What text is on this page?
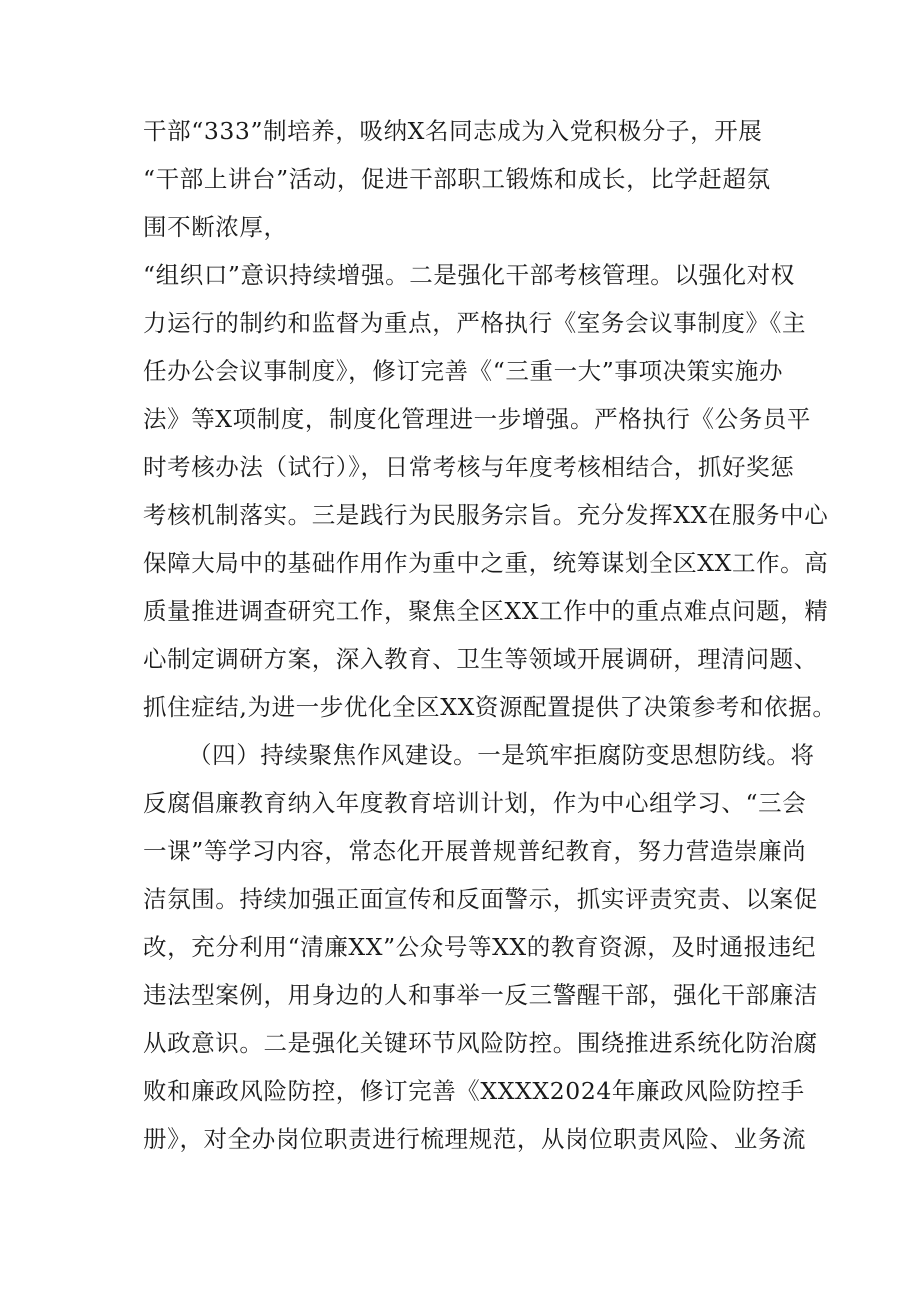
干部“333”制培养，吸纳X名同志成为入党积极分子，开展
“干部上讲台”活动，促进干部职工锻炼和成长，比学赶超氛
围不断浓厚，
“组织口”意识持续增强。二是强化干部考核管理。以强化对权
力运行的制约和监督为重点，严格执行《室务会议事制度》《主
任办公会议事制度》，修订完善《“三重一大”事项决策实施办
法》等X项制度，制度化管理进一步增强。严格执行《公务员平
时考核办法（试行）》，日常考核与年度考核相结合，抓好奖惩
考核机制落实。三是践行为民服务宗旨。充分发挥XX在服务中心
保障大局中的基础作用作为重中之重，统筹谋划全区XX工作。高
质量推进调查研究工作，聚焦全区XX工作中的重点难点问题，精
心制定调研方案，深入教育、卫生等领域开展调研，理清问题、
抓住症结,为进一步优化全区XX资源配置提供了决策参考和依据。
（四）持续聚焦作风建设。一是筑牢拒腐防变思想防线。将
反腐倡廉教育纳入年度教育培训计划，作为中心组学习、“三会
一课”等学习内容，常态化开展普规普纪教育，努力营造崇廉尚
洁氛围。持续加强正面宣传和反面警示，抓实评责究责、以案促
改，充分利用“清廉XX”公众号等XX的教育资源，及时通报违纪
违法型案例，用身边的人和事举一反三警醒干部，强化干部廉洁
从政意识。二是强化关键环节风险防控。围绕推进系统化防治腐
败和廉政风险防控，修订完善《XXXX2024年廉政风险防控手
册》，对全办岗位职责进行梳理规范，从岗位职责风险、业务流
